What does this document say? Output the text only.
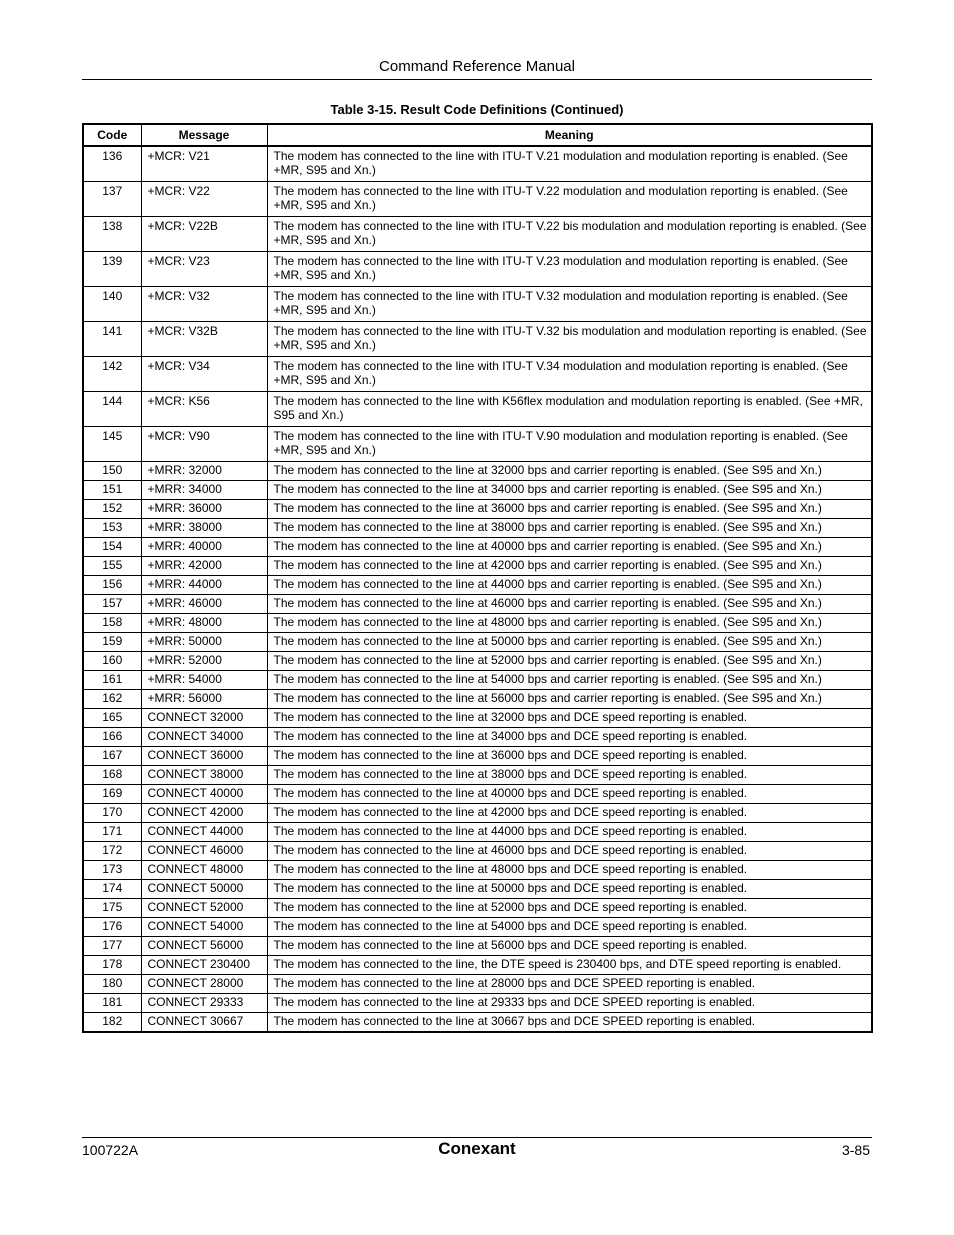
Command Reference Manual
Table 3-15. Result Code Definitions (Continued)
Code	Message	Meaning
136	+MCR: V21	The modem has connected to the line with ITU-T V.21 modulation and modulation reporting is enabled. (See +MR, S95 and Xn.)
137	+MCR: V22	The modem has connected to the line with ITU-T V.22 modulation and modulation reporting is enabled. (See +MR, S95 and Xn.)
138	+MCR: V22B	The modem has connected to the line with ITU-T V.22 bis modulation and modulation reporting is enabled. (See +MR, S95 and Xn.)
139	+MCR: V23	The modem has connected to the line with ITU-T V.23 modulation and modulation reporting is enabled. (See +MR, S95 and Xn.)
140	+MCR: V32	The modem has connected to the line with ITU-T V.32 modulation and modulation reporting is enabled. (See +MR, S95 and Xn.)
141	+MCR: V32B	The modem has connected to the line with ITU-T V.32 bis modulation and modulation reporting is enabled. (See +MR, S95 and Xn.)
142	+MCR: V34	The modem has connected to the line with ITU-T V.34 modulation and modulation reporting is enabled. (See +MR, S95 and Xn.)
144	+MCR: K56	The modem has connected to the line with K56flex modulation and modulation reporting is enabled. (See +MR, S95 and Xn.)
145	+MCR: V90	The modem has connected to the line with ITU-T V.90 modulation and modulation reporting is enabled. (See +MR, S95 and Xn.)
150	+MRR: 32000	The modem has connected to the line at 32000 bps and carrier reporting is enabled. (See S95 and Xn.)
151	+MRR: 34000	The modem has connected to the line at 34000 bps and carrier reporting is enabled. (See S95 and Xn.)
152	+MRR: 36000	The modem has connected to the line at 36000 bps and carrier reporting is enabled. (See S95 and Xn.)
153	+MRR: 38000	The modem has connected to the line at 38000 bps and carrier reporting is enabled. (See S95 and Xn.)
154	+MRR: 40000	The modem has connected to the line at 40000 bps and carrier reporting is enabled. (See S95 and Xn.)
155	+MRR: 42000	The modem has connected to the line at 42000 bps and carrier reporting is enabled. (See S95 and Xn.)
156	+MRR: 44000	The modem has connected to the line at 44000 bps and carrier reporting is enabled. (See S95 and Xn.)
157	+MRR: 46000	The modem has connected to the line at 46000 bps and carrier reporting is enabled. (See S95 and Xn.)
158	+MRR: 48000	The modem has connected to the line at 48000 bps and carrier reporting is enabled. (See S95 and Xn.)
159	+MRR: 50000	The modem has connected to the line at 50000 bps and carrier reporting is enabled. (See S95 and Xn.)
160	+MRR: 52000	The modem has connected to the line at 52000 bps and carrier reporting is enabled. (See S95 and Xn.)
161	+MRR: 54000	The modem has connected to the line at 54000 bps and carrier reporting is enabled. (See S95 and Xn.)
162	+MRR: 56000	The modem has connected to the line at 56000 bps and carrier reporting is enabled. (See S95 and Xn.)
165	CONNECT 32000	The modem has connected to the line at 32000 bps and DCE speed reporting is enabled.
166	CONNECT 34000	The modem has connected to the line at 34000 bps and DCE speed reporting is enabled.
167	CONNECT 36000	The modem has connected to the line at 36000 bps and DCE speed reporting is enabled.
168	CONNECT 38000	The modem has connected to the line at 38000 bps and DCE speed reporting is enabled.
169	CONNECT 40000	The modem has connected to the line at 40000 bps and DCE speed reporting is enabled.
170	CONNECT 42000	The modem has connected to the line at 42000 bps and DCE speed reporting is enabled.
171	CONNECT 44000	The modem has connected to the line at 44000 bps and DCE speed reporting is enabled.
172	CONNECT 46000	The modem has connected to the line at 46000 bps and DCE speed reporting is enabled.
173	CONNECT 48000	The modem has connected to the line at 48000 bps and DCE speed reporting is enabled.
174	CONNECT 50000	The modem has connected to the line at 50000 bps and DCE speed reporting is enabled.
175	CONNECT 52000	The modem has connected to the line at 52000 bps and DCE speed reporting is enabled.
176	CONNECT 54000	The modem has connected to the line at 54000 bps and DCE speed reporting is enabled.
177	CONNECT 56000	The modem has connected to the line at 56000 bps and DCE speed reporting is enabled.
178	CONNECT 230400	The modem has connected to the line, the DTE speed is 230400 bps, and DTE speed reporting is enabled.
180	CONNECT 28000	The modem has connected to the line at 28000 bps and DCE SPEED reporting is enabled.
181	CONNECT 29333	The modem has connected to the line at 29333 bps and DCE SPEED reporting is enabled.
182	CONNECT 30667	The modem has connected to the line at 30667 bps and DCE SPEED reporting is enabled.
100722A	Conexant	3-85
